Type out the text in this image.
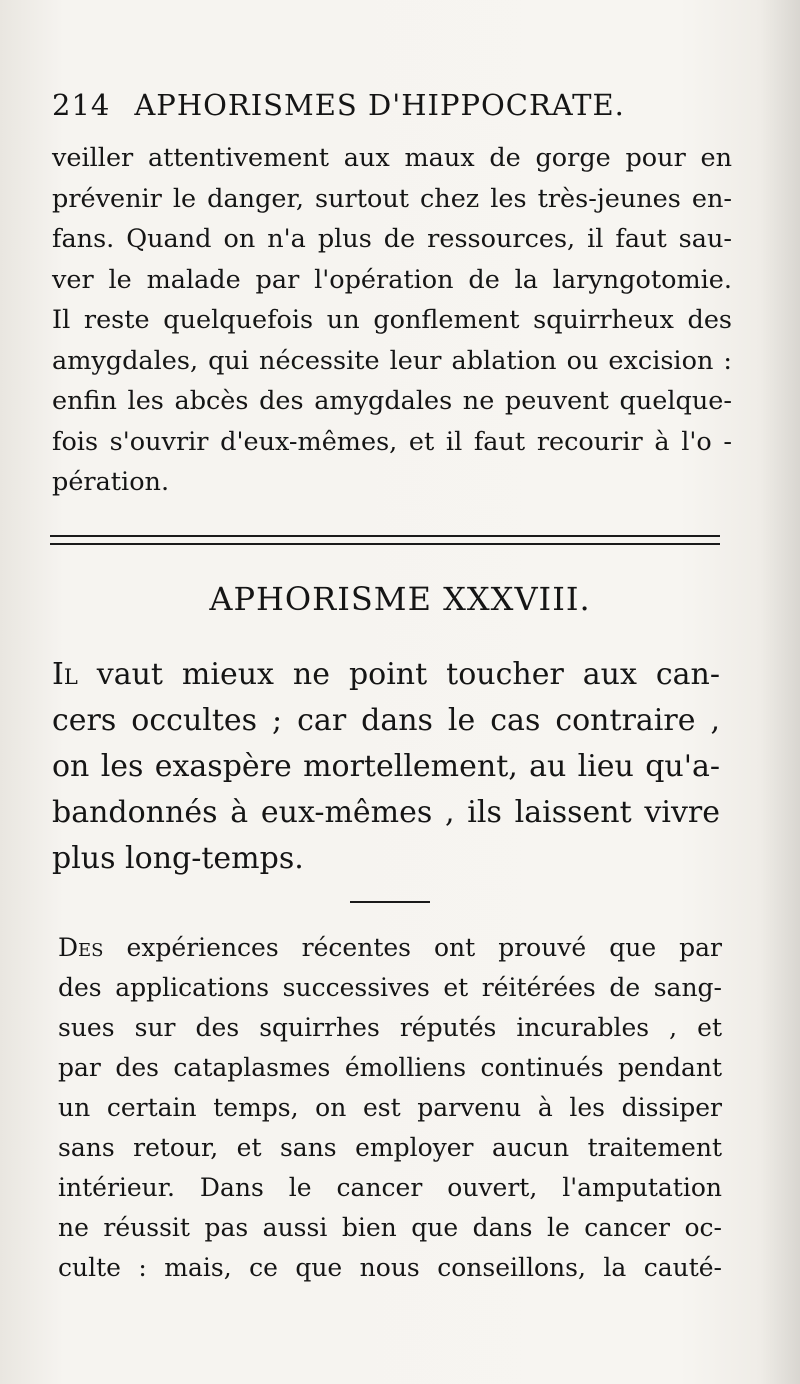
214 APHORISMES D'HIPPOCRATE.
veiller attentivement aux maux de gorge pour en
prévenir le danger, surtout chez les très-jeunes en-
fans. Quand on n'a plus de ressources, il faut sau-
ver le malade par l'opération de la laryngotomie.
Il reste quelquefois un gonflement squirrheux des
amygdales, qui nécessite leur ablation ou excision :
enfin les abcès des amygdales ne peuvent quelque-
fois s'ouvrir d'eux-mêmes, et il faut recourir à l'o -
pération.
APHORISME XXXVIII.
Il vaut mieux ne point toucher aux can-
cers occultes ; car dans le cas contraire ,
on les exaspère mortellement, au lieu qu'a-
bandonnés à eux-mêmes , ils laissent vivre
plus long-temps.
Des expériences récentes ont prouvé que par
des applications successives et réitérées de sang-
sues sur des squirrhes réputés incurables , et
par des cataplasmes émolliens continués pendant
un certain temps, on est parvenu à les dissiper
sans retour, et sans employer aucun traitement
intérieur. Dans le cancer ouvert, l'amputation
ne réussit pas aussi bien que dans le cancer oc-
culte : mais, ce que nous conseillons, la cauté-
